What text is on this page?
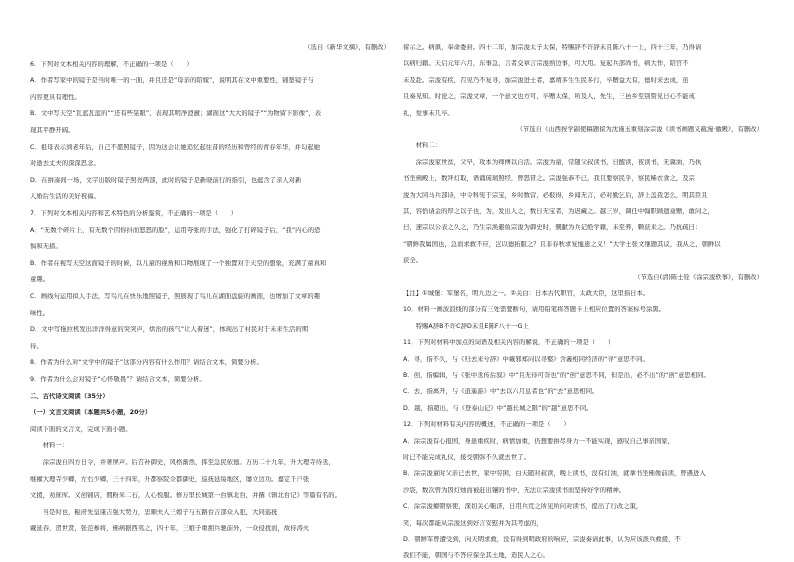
（选自《新华文摘》，有删改）
6．下列对文本相关内容的理解，不正确的一项是（　　）
A．作者写家中的镜子是当时唯一的一面，并且还是“母亲的陪嫁”，说明其在文中重要性，铺垫镜子与
内容更具有理性。
B．文中写天空“瓦蓝瓦蓝的”“还有些晃眼”，表现其明净澄澈；湖面这“大大的镜子”“为物留下影像”，表
现其平静开阔。
C．祖母表示到老年后，自己不愿照镜子，因为这会让她追忆起往昔的经历和曾经的青春年华，并勾起她
对逝去丈夫的深深思念。
D．在拼凑间一场，文字出版时镜子照亮两部，此时的镜子是新晓前行的指引，也蕴含了亲人对新
人婚后生活的美好祝福。
7．下列对文本相关内容和艺术特色的分析鉴赏，不正确的一项是（　　）
A．“无数个碎片上，有无数个因你抖而怒怒的脸”，运用夸张的手法，强化了打碎镜子后，“我”内心的恐
惧和无措。
B．作者在视写天空这面镜子的时候，以儿童的视角和口吻展现了一个独置对于天空的想象，充满了童真和
童趣。
C．画线句运用拟人手法，写鸟儿在快乐地照镜子，照展现了鸟儿在湖面盘旋的画面，也增加了文章的趣
味性。
D．文中写拖拉机发出洋洋得意的突突声，烘治的孩气“让人着迷”，体现出了村民对于未来生活的期
待。
8．作者为什么对“文学中的镜子”这部分内容有什么作用？请结合文本，简要分析。
9．作者为什么会对镜子“心怀敬畏”？请结合文本，简要分析。
二、古代诗文阅读（35分）
（一）文言文阅读（本题共5小题，20分）
阅读下面的文言文，完成下面小题。
　　材料一：
　　涂宗浚自四方日令，并著屏声。后召补御史，风格渐然，挥至急民依德。万历二十九年，升大理寺待丞，
继擢大理寺少卿，左右少卿，三十四年，升都察院佥都御史，巡抚延绥地区，屡立边功。嘉定千户张
文援，劝庶库。又创铺店，佣粉米二石，人心悦服。修万里长城第一台镇北台，并撰《镇北台记》等篇有名的。
　　当是时也，鞑虏先皇康吉强大势力，忠顺夫人三娘子与五路台吉部众入犯，大同巡抚
戴延春、贺世贤，张范参将，佛病据西夷之，四十年，三娘子重拥兵驰前外，一众侵扰而，故侍涛火
留示之。病俱，奉命委封。四十二年，加宗浚太子太保，特赐辞不许辞未且陈八十一上，四十三年，乃得请
以病归籍。天启元年六月，东事急，言者交章言宗浚熟边事，可大用。复起兵部尚书，病大作，陪宫不
未及赴。宗浚有疾，召见乃不复寻，加宗浚进士者，嘉靖多生生民多行，卒赠益大有，德时来去成，虽
且奏见知。时论之，宗浚文章，一个意文也方可，卒赠太保，所及人，先生，三邑乡至别赞见日心不能戒
礼，爱事末几卒。
（节选自《山西按学副使稿题留为沈谨玉重刻涂宗浚《读书画题义截漫·徽殿》，有删改）
　　材料二：
　　涂宗浚家世贫，父早，攻本为师傅以自活。宗浚为童，常随父叔读书，日醒读，夜读书，无冀油，乃执
书坐佛殿上，数拜灯取，语诵琉璃照经，曾怒冒之。宗浚强恭不已，我且要察民乎，察民稀衣食之，及宗
浚为大同马兵部诗，中令科宪于宗宝，乡时数营，必报得，乡闻无言，必对勤乞后，辞上盖我怎么，明其臣且
其，容恰请金的厚之以子也，为，发出人之，数日无宝者，为迟藏之。越三岁，调任中翰职顾遗盒赠，敢问之，
曰，速宗以公表之久之，乃生宗涣避鱼宗浚为御史时，觐献为兵记绝学籍，未至养，颗获来之。乃抗疏曰：
“朝鲜我属国也，急而求救不应，岂以德拓服之？且非春秋求复恤患之义！”大学士张文继题其议，我从之，朝鲜以
获全。
（节选自(清)陈士铨《涂宗浚轶事》，有删改）
【注】①城堡：军堡名，明九边之一。②关白：日本古代职官，太政大臣，这里指日本。
10．材料一画波浪线的部分有三处需要断句，请用铅笔将答题卡上相应位置的答案标号涂黑。
　　特赐A辞B不许C辞D未且E陈F八十一G上
11．下列对材料中加点的词语及相关内容的解说，不正确的一项是（　　）
A．寻，指不久，与《归去来兮辞》中戴邪郑问以寻壑》含義相同经济的“寻”意思不同。
B．创，指编辑，与《张中丞传后叙》中“且无待可奈也”的“创”意思不同，但是出，必不出”的“创”意思相同。
C．去，指离开，与《逍遥游》中“去以六月息者也”的“去”意思相同。
D．越，指超出，与《登泰山记》中“越长城之限”的“越”意思不同。
12．下列对材料有关内容的概述，不正确的一项是（　　）
A．涂宗浚有心报国，身患重疾时，病情加重，仍想要拼尽身力一不能实现，感叹自己事亲国家，
时已不能完成礼仪，接受朝弥不久就去世了。
B．涂宗浚童时父亲已去世，家中穷困，白天随对叔读，晚上读书，没有灯油，就拿书坐佛像前读，曾遇进入
沙袋，数次曾为因灯烛而被赶出镶的书中，无法让宗浚读书而坚持好学的精神。
C．涂宗浚擢朝察使，深切关心赈济，日用兵荒之所见所问对读书，提出了行改之策，
笑，每次都能从宗浚这到好言安慰并为其考虑的，
D．朝鲜军曾遭受到，向天明求救，没有得到明政府的响应，宗浚奏请此事，认为应该派兵救援，不
我们不能，朝国与不答应保全其土地，造民人之心。
